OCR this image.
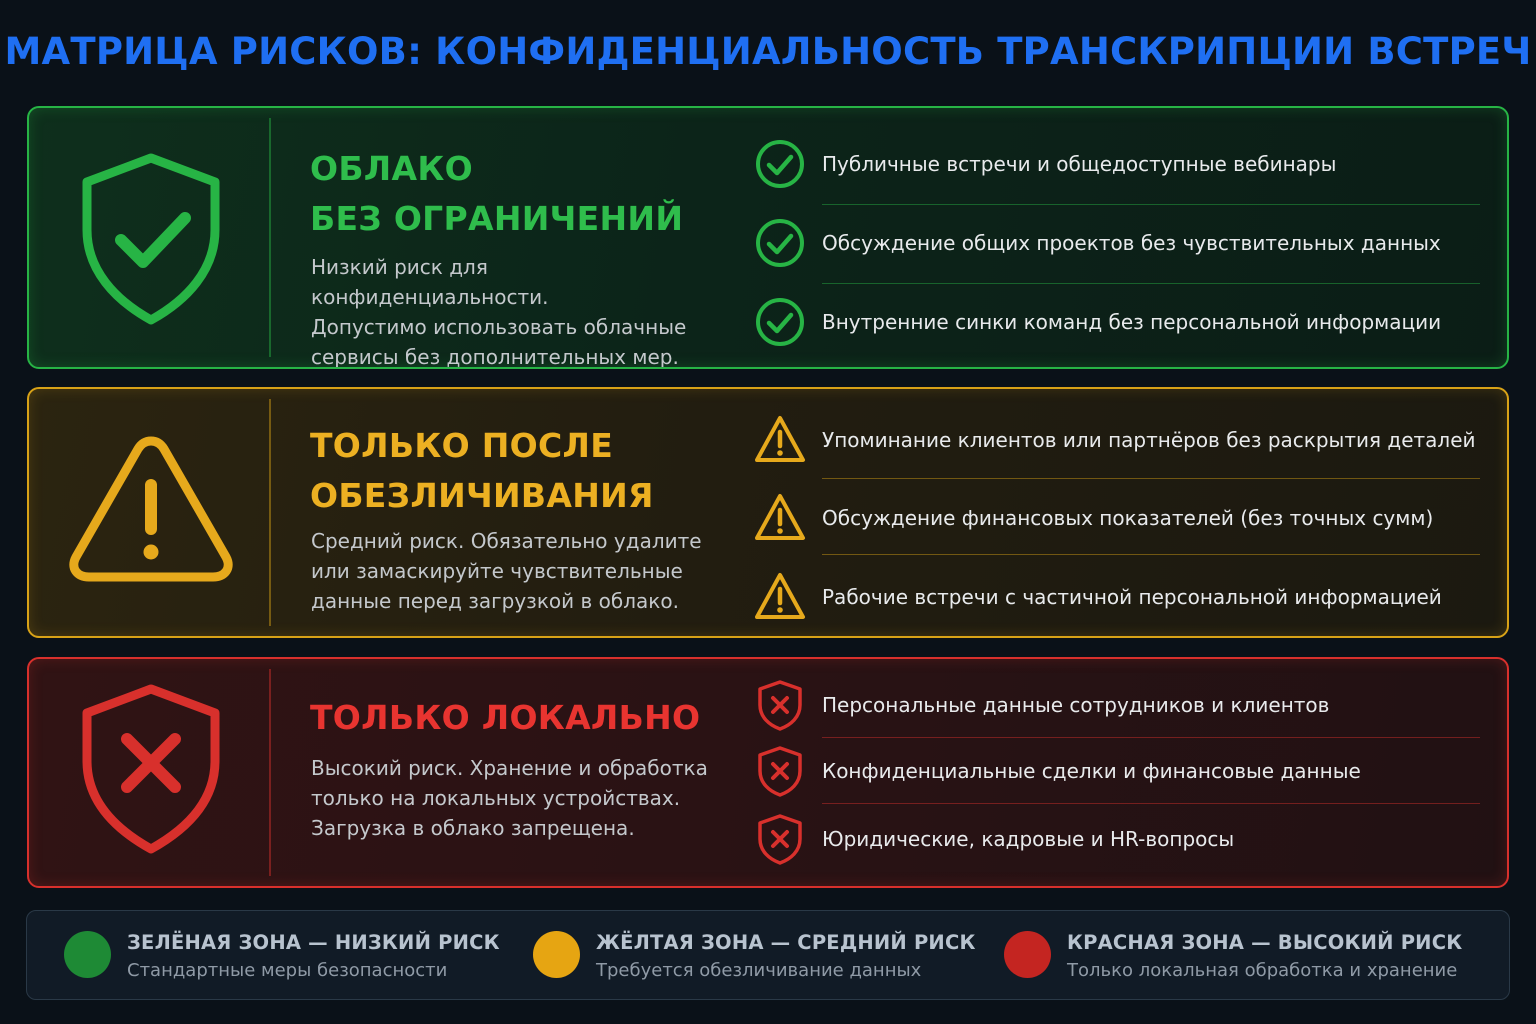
МАТРИЦА РИСКОВ: КОНФИДЕНЦИАЛЬНОСТЬ ТРАНСКРИПЦИИ ВСТРЕЧ
ОБЛАКО
БЕЗ ОГРАНИЧЕНИЙ
Низкий риск для конфиденциальности.
Допустимо использовать облачные
сервисы без дополнительных мер.
Публичные встречи и общедоступные вебинары
Обсуждение общих проектов без чувствительных данных
Внутренние синки команд без персональной информации
ТОЛЬКО ПОСЛЕ
ОБЕЗЛИЧИВАНИЯ
Средний риск. Обязательно удалите
или замаскируйте чувствительные
данные перед загрузкой в облако.
Упоминание клиентов или партнёров без раскрытия деталей
Обсуждение финансовых показателей (без точных сумм)
Рабочие встречи с частичной персональной информацией
ТОЛЬКО ЛОКАЛЬНО
Высокий риск. Хранение и обработка
только на локальных устройствах.
Загрузка в облако запрещена.
Персональные данные сотрудников и клиентов
Конфиденциальные сделки и финансовые данные
Юридические, кадровые и HR-вопросы
ЗЕЛЁНАЯ ЗОНА — НИЗКИЙ РИСК
Стандартные меры безопасности
ЖЁЛТАЯ ЗОНА — СРЕДНИЙ РИСК
Требуется обезличивание данных
КРАСНАЯ ЗОНА — ВЫСОКИЙ РИСК
Только локальная обработка и хранение
